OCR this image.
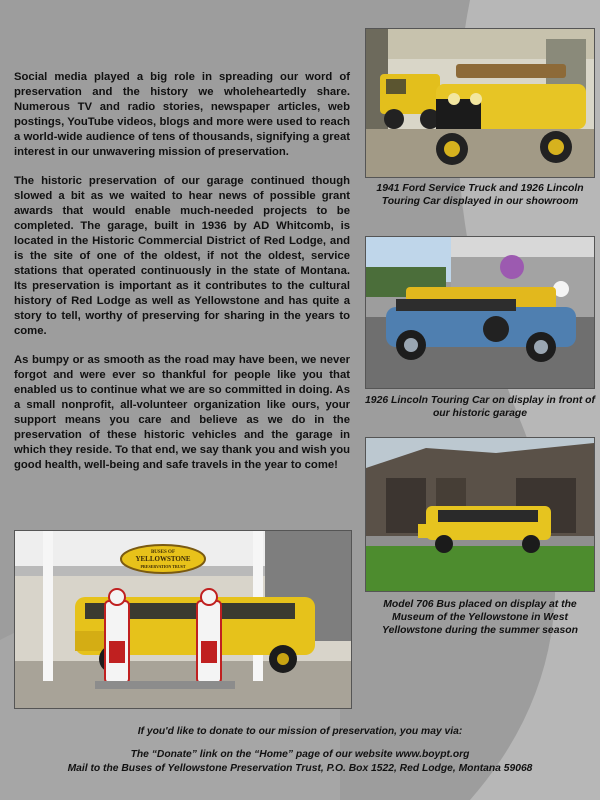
Social media played a big role in spreading our word of preservation and the history we wholeheartedly share. Numerous TV and radio stories, newspaper articles, web postings, YouTube videos, blogs and more were used to reach a world-wide audience of tens of thousands, signifying a great interest in our unwavering mission of preservation.

The historic preservation of our garage continued though slowed a bit as we waited to hear news of possible grant awards that would enable much-needed projects to be completed. The garage, built in 1936 by AD Whitcomb, is located in the Historic Commercial District of Red Lodge, and is the site of one of the oldest, if not the oldest, service stations that operated continuously in the state of Montana. Its preservation is important as it contributes to the cultural history of Red Lodge as well as Yellowstone and has quite a story to tell, worthy of preserving for sharing in the years to come.

As bumpy or as smooth as the road may have been, we never forgot and were ever so thankful for people like you that enabled us to continue what we are so committed in doing. As a small nonprofit, all-volunteer organization like ours, your support means you care and believe as we do in the preservation of these historic vehicles and the garage in which they reside. To that end, we say thank you and wish you good health, well-being and safe travels in the year to come!

1941 Ford Service Truck and 1926 Lincoln Touring Car displayed in our showroom
1926 Lincoln Touring Car on display in front of our historic garage
Model 706 Bus placed on display at the Museum of the Yellowstone in West Yellowstone during the summer season
BUSES OF
YELLOWSTONE
PRESERVATION TRUST
If you'd like to donate to our mission of preservation, you may via:
The “Donate” link on the “Home” page of our website www.boypt.org
Mail to the Buses of Yellowstone Preservation Trust, P.O. Box 1522, Red Lodge, Montana 59068
